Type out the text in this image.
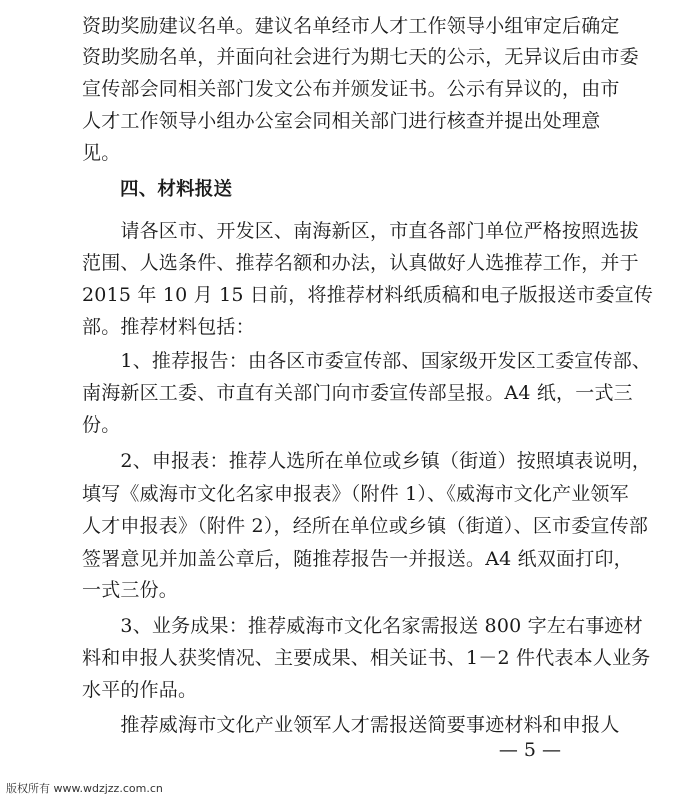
资助奖励建议名单。建议名单经市人才工作领导小组审定后确定
资助奖励名单，并面向社会进行为期七天的公示，无异议后由市委
宣传部会同相关部门发文公布并颁发证书。公示有异议的，由市
人才工作领导小组办公室会同相关部门进行核查并提出处理意
见。
四、材料报送
　　请各区市、开发区、南海新区，市直各部门单位严格按照选拔
范围、人选条件、推荐名额和办法，认真做好人选推荐工作，并于
2015 年 10 月 15 日前，将推荐材料纸质稿和电子版报送市委宣传
部。推荐材料包括：
　　1、推荐报告：由各区市委宣传部、国家级开发区工委宣传部、
南海新区工委、市直有关部门向市委宣传部呈报。A4 纸，一式三
份。
　　2、申报表：推荐人选所在单位或乡镇（街道）按照填表说明，
填写《威海市文化名家申报表》（附件 1）、《威海市文化产业领军
人才申报表》（附件 2），经所在单位或乡镇（街道）、区市委宣传部
签署意见并加盖公章后，随推荐报告一并报送。A4 纸双面打印，
一式三份。
　　3、业务成果：推荐威海市文化名家需报送 800 字左右事迹材
料和申报人获奖情况、主要成果、相关证书、1－2 件代表本人业务
水平的作品。
　　推荐威海市文化产业领军人才需报送简要事迹材料和申报人
— 5 —
版权所有 www.wdzjzz.com.cn
